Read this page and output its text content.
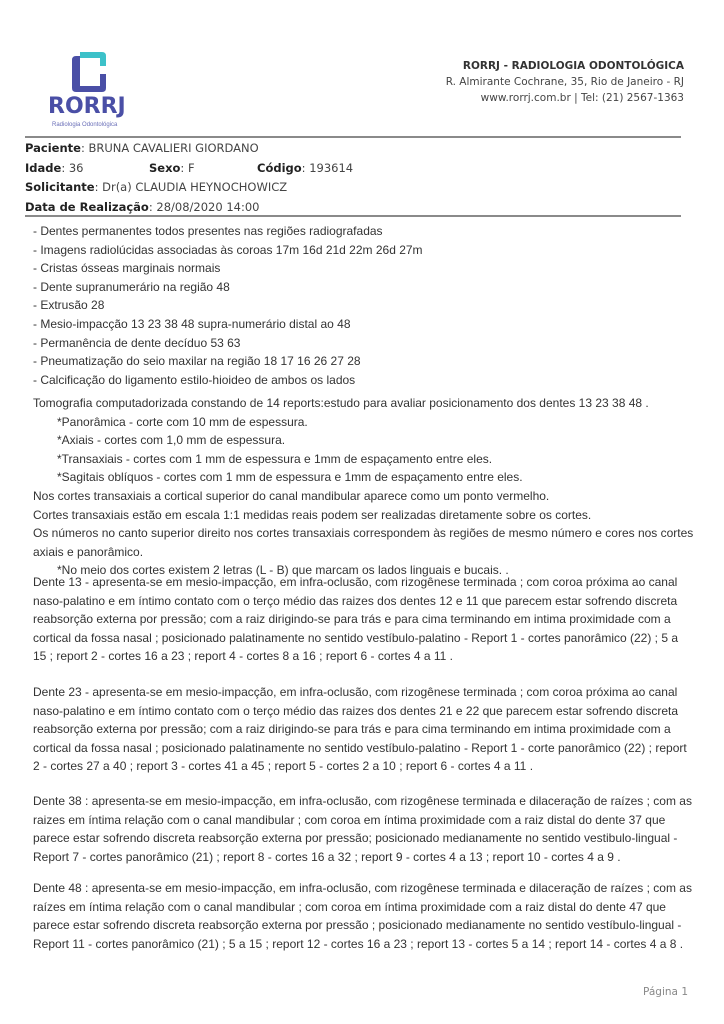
RORRJ
Radiologia Odontológica
RORRJ - RADIOLOGIA ODONTOLÓGICA
R. Almirante Cochrane, 35, Rio de Janeiro - RJ
www.rorrj.com.br | Tel: (21) 2567-1363
Paciente: BRUNA CAVALIERI GIORDANO
Idade: 36	Sexo: F	Código: 193614
Solicitante: Dr(a) CLAUDIA HEYNOCHOWICZ
Data de Realização: 28/08/2020 14:00
- Dentes permanentes todos presentes nas regiões radiografadas
- Imagens radiolúcidas associadas às coroas 17m 16d 21d 22m 26d 27m
- Cristas ósseas marginais normais
- Dente supranumerário na região 48
- Extrusão 28
- Mesio-impacção 13 23 38 48 supra-numerário distal ao 48
- Permanência de dente decíduo 53 63
- Pneumatização do seio maxilar na região 18 17 16 26 27 28
- Calcificação do ligamento estilo-hioideo de ambos os lados
Tomografia computadorizada constando de 14 reports:estudo para avaliar posicionamento dos dentes 13 23 38 48 .
*Panorâmica - corte com 10 mm de espessura.
*Axiais - cortes com 1,0 mm de espessura.
*Transaxiais - cortes com 1 mm de espessura e 1mm de espaçamento entre eles.
*Sagitais oblíquos - cortes com 1 mm de espessura e 1mm de espaçamento entre eles.
Nos cortes transaxiais a cortical superior do canal mandibular aparece como um ponto vermelho.
Cortes transaxiais estão em escala 1:1 medidas reais podem ser realizadas diretamente sobre os cortes.
Os números no canto superior direito nos cortes transaxiais correspondem às regiões de mesmo número e cores nos cortes
axiais e panorâmico.
*No meio dos cortes existem 2 letras (L - B) que marcam os lados linguais e bucais. .
Dente 13 - apresenta-se em mesio-impacção, em infra-oclusão, com rizogênese terminada ; com coroa próxima ao canal
naso-palatino e em íntimo contato com o terço médio das raizes dos dentes 12 e 11 que parecem estar sofrendo discreta
reabsorção externa por pressão; com a raiz dirigindo-se para trás e para cima terminando em intima proximidade com a
cortical da fossa nasal ; posicionado palatinamente no sentido vestíbulo-palatino - Report 1 - cortes panorâmico (22) ; 5 a
15 ; report 2 - cortes 16 a 23 ; report 4 - cortes 8 a 16 ; report 6 - cortes 4 a 11 .
Dente 23 - apresenta-se em mesio-impacção, em infra-oclusão, com rizogênese terminada ; com coroa próxima ao canal
naso-palatino e em íntimo contato com o terço médio das raizes dos dentes 21 e 22 que parecem estar sofrendo discreta
reabsorção externa por pressão; com a raiz dirigindo-se para trás e para cima terminando em intima proximidade com a
cortical da fossa nasal ; posicionado palatinamente no sentido vestíbulo-palatino - Report 1 - corte panorâmico (22) ; report
2 - cortes 27 a 40 ; report 3 - cortes 41 a 45 ; report 5 - cortes 2 a 10 ; report 6 - cortes 4 a 11 .
Dente 38 : apresenta-se em mesio-impacção, em infra-oclusão, com rizogênese terminada e dilaceração de raízes ; com as
raizes em íntima relação com o canal mandibular ; com coroa em íntima proximidade com a raiz distal do dente 37 que
parece estar sofrendo discreta reabsorção externa por pressão; posicionado medianamente no sentido vestibulo-lingual -
Report 7 - cortes panorâmico (21) ; report 8 - cortes 16 a 32 ; report 9 - cortes 4 a 13 ; report 10 - cortes 4 a 9 .
Dente 48 : apresenta-se em mesio-impacção, em infra-oclusão, com rizogênese terminada e dilaceração de raízes ; com as
raízes em íntima relação com o canal mandibular ; com coroa em íntima proximidade com a raiz distal do dente 47 que
parece estar sofrendo discreta reabsorção externa por pressão ; posicionado medianamente no sentido vestíbulo-lingual -
Report 11 - cortes panorâmico (21) ; 5 a 15 ; report 12 - cortes 16 a 23 ; report 13 - cortes 5 a 14 ; report 14 - cortes 4 a 8 .
Página 1
